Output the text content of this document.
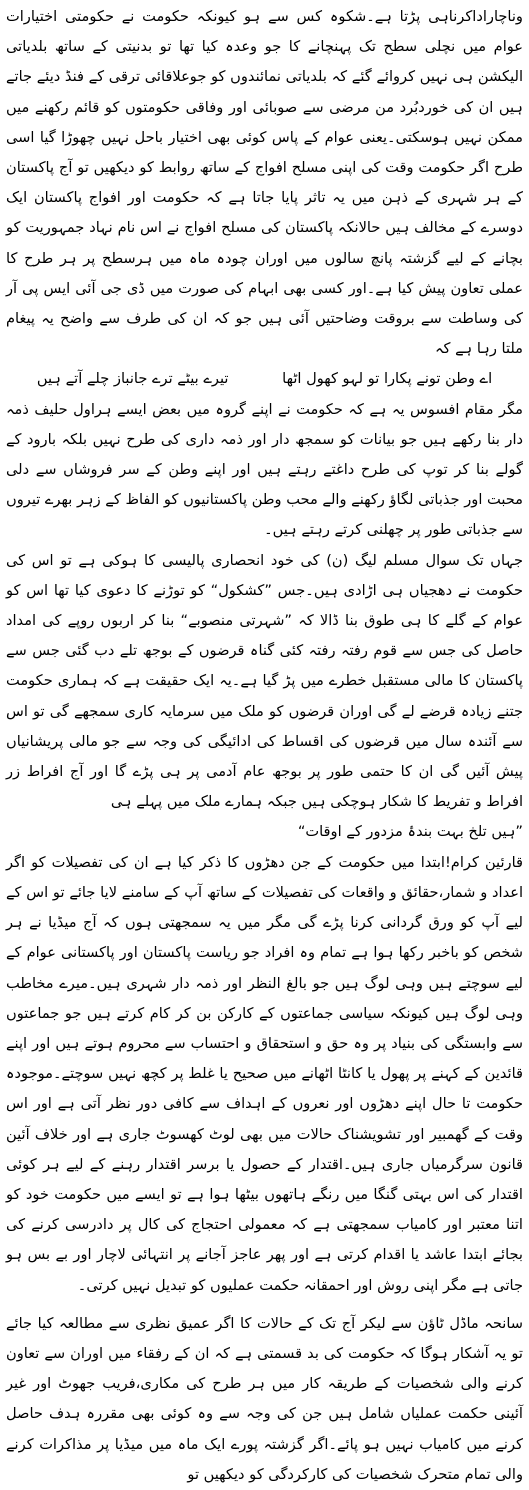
وناچاراداکرناہی پڑتا ہے۔شکوہ کس سے ہو کیونکہ حکومت نے حکومتی اختیارات عوام میں نچلی سطح تک پہنچانے کا جو وعدہ کیا تھا تو بدنیتی کے ساتھ بلدیاتی الیکشن ہی نہیں کروائے گئے کہ بلدیاتی نمائندوں کو جوعلاقائی ترقی کے فنڈ دیئے جاتے ہیں ان کی خوردبُرد من مرضی سے صوبائی اور وفاقی حکومتوں کو قائم رکھنے میں ممکن نہیں ہوسکتی۔یعنی عوام کے پاس کوئی بھی اختیار باحل نہیں چھوڑا گیا اسی طرح اگر حکومت وقت کی اپنی مسلح افواج کے ساتھ روابط کو دیکھیں تو آج پاکستان کے ہر شہری کے ذہن میں یہ تاثر پایا جاتا ہے کہ حکومت اور افواج پاکستان ایک دوسرے کے مخالف ہیں حالانکہ پاکستان کی مسلح افواج نے اس نام نہاد جمہوریت کو بچانے کے لیے گزشتہ پانچ سالوں میں اوران چودہ ماہ میں ہرسطح پر ہر طرح کا عملی تعاون پیش کیا ہے۔اور کسی بھی ابہام کی صورت میں ڈی جی آئی ایس پی آر کی وساطت سے بروقت وضاحتیں آئی ہیں جو کہ ان کی طرف سے واضح یہ پیغام ملتا رہا ہے کہ

اے وطن تونے پکارا تو لہو کھول اٹھا
تیرے بیٹے ترے جانباز چلے آتے ہیں

مگر مقام افسوس یہ ہے کہ حکومت نے اپنے گروہ میں بعض ایسے ہراول حلیف ذمہ دار بنا رکھے ہیں جو بیانات کو سمجھ دار اور ذمہ داری کی طرح نہیں بلکہ بارود کے گولے بنا کر توپ کی طرح داغتے رہتے ہیں اور اپنے وطن کے سر فروشاں سے دلی محبت اور جذباتی لگاؤ رکھنے والے محب وطن پاکستانیوں کو الفاظ کے زہر بھرے تیروں سے جذباتی طور پر چھلنی کرتے رہتے ہیں۔

جہاں تک سوال مسلم لیگ (ن) کی خود انحصاری پالیسی کا ہوکی ہے تو اس کی حکومت نے دھجیاں ہی اڑادی ہیں۔جس ”کشکول“ کو توڑنے کا دعوی کیا تھا اس کو عوام کے گلے کا ہی طوق بنا ڈالا کہ ”شہرتی منصوبے“ بنا کر اربوں روپے کی امداد حاصل کی جس سے قوم رفتہ رفتہ کئی گناہ قرضوں کے بوجھ تلے دب گئی جس سے پاکستان کا مالی مستقبل خطرے میں پڑ گیا ہے۔یہ ایک حقیقت ہے کہ ہماری حکومت جتنے زیادہ قرضے لے گی اوران قرضوں کو ملک میں سرمایہ کاری سمجھے گی تو اس سے آئندہ سال میں قرضوں کی اقساط کی ادائیگی کی وجہ سے جو مالی پریشانیاں پیش آئیں گی ان کا حتمی طور پر بوجھ عام آدمی پر ہی پڑے گا اور آج افراط زر افراط و تفریط کا شکار ہوچکی ہیں جبکہ ہمارے ملک میں پہلے ہی

”ہیں تلخ بہت بندۂ مزدور کے اوقات“

قارئین کرام!ابتدا میں حکومت کے جن دھڑوں کا ذکر کیا ہے ان کی تفصیلات کو اگر اعداد و شمار،حقائق و واقعات کی تفصیلات کے ساتھ آپ کے سامنے لایا جائے تو اس کے لیے آپ کو ورق گردانی کرنا پڑے گی مگر میں یہ سمجھتی ہوں کہ آج میڈیا نے ہر شخص کو باخبر رکھا ہوا ہے تمام وہ افراد جو ریاست پاکستان اور پاکستانی عوام کے لیے سوچتے ہیں وہی لوگ ہیں جو بالغ النظر اور ذمہ دار شہری ہیں۔میرے مخاطب وہی لوگ ہیں کیونکہ سیاسی جماعتوں کے کارکن بن کر کام کرتے ہیں جو جماعتوں سے وابستگی کی بنیاد پر وہ حق و استحقاق و احتساب سے محروم ہوتے ہیں اور اپنے قائدین کے کہنے پر پھول یا کانٹا اٹھانے میں صحیح یا غلط پر کچھ نہیں سوچتے۔موجودہ حکومت تا حال اپنے دھڑوں اور نعروں کے اہداف سے کافی دور نظر آتی ہے اور اس وقت کے گھمبیر اور تشویشناک حالات میں بھی لوٹ کھسوٹ جاری ہے اور خلاف آئین قانون سرگرمیاں جاری ہیں۔اقتدار کے حصول یا برسر اقتدار رہنے کے لیے ہر کوئی اقتدار کی اس بہتی گنگا میں رنگے ہاتھوں بیٹھا ہوا ہے تو ایسے میں حکومت خود کو اتنا معتبر اور کامیاب سمجھتی ہے کہ معمولی احتجاج کی کال پر دادرسی کرنے کی بجائے ابتدا عاشد یا اقدام کرتی ہے اور پھر عاجز آجانے پر انتہائی لاچار اور بے بس ہو جاتی ہے مگر اپنی روش اور احمقانہ حکمت عملیوں کو تبدیل نہیں کرتی۔

سانحہ ماڈل ٹاؤن سے لیکر آج تک کے حالات کا اگر عمیق نظری سے مطالعہ کیا جائے تو یہ آشکار ہوگا کہ حکومت کی بد قسمتی ہے کہ ان کے رفقاء میں اوران سے تعاون کرنے والی شخصیات کے طریقہ کار میں ہر طرح کی مکاری،فریب جھوٹ اور غیر آئینی حکمت عملیاں شامل ہیں جن کی وجہ سے وہ کوئی بھی مقررہ ہدف حاصل کرنے میں کامیاب نہیں ہو پائے۔اگر گزشتہ پورے ایک ماہ میں میڈیا پر مذاکرات کرنے والی تمام متحرک شخصیات کی کارکردگی کو دیکھیں تو
